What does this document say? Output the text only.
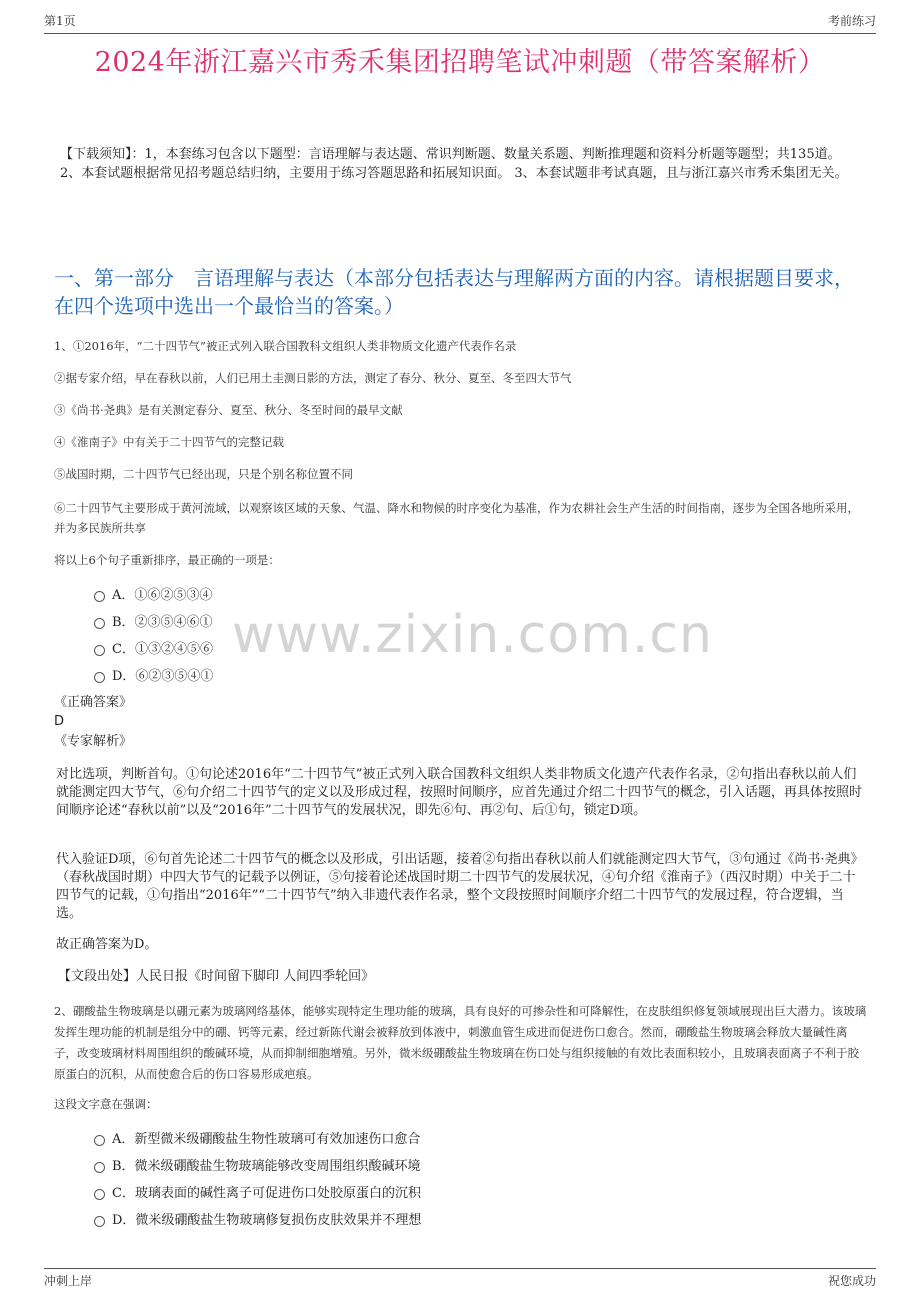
第1页	考前练习
2024年浙江嘉兴市秀禾集团招聘笔试冲刺题（带答案解析）
【下载须知】：1，本套练习包含以下题型：言语理解与表达题、常识判断题、数量关系题、判断推理题和资料分析题等题型；共135道。 2、本套试题根据常见招考题总结归纳，主要用于练习答题思路和拓展知识面。 3、本套试题非考试真题，且与浙江嘉兴市秀禾集团无关。
一、第一部分　言语理解与表达（本部分包括表达与理解两方面的内容。请根据题目要求，在四个选项中选出一个最恰当的答案。）
1、①2016年，“二十四节气”被正式列入联合国教科文组织人类非物质文化遗产代表作名录
②据专家介绍，早在春秋以前，人们已用土圭测日影的方法，测定了春分、秋分、夏至、冬至四大节气
③《尚书·尧典》是有关测定春分、夏至、秋分、冬至时间的最早文献
④《淮南子》中有关于二十四节气的完整记载
⑤战国时期，二十四节气已经出现，只是个别名称位置不同
⑥二十四节气主要形成于黄河流域，以观察该区域的天象、气温、降水和物候的时序变化为基准，作为农耕社会生产生活的时间指南，逐步为全国各地所采用，并为多民族所共享
将以上6个句子重新排序，最正确的一项是：
A．①⑥②⑤③④
B．②③⑤④⑥①
C．①③②④⑤⑥
D．⑥②③⑤④①
www.zixin.com.cn
《正确答案》
D
《专家解析》
对比选项，判断首句。①句论述2016年“二十四节气”被正式列入联合国教科文组织人类非物质文化遗产代表作名录，②句指出春秋以前人们就能测定四大节气，⑥句介绍二十四节气的定义以及形成过程，按照时间顺序，应首先通过介绍二十四节气的概念，引入话题，再具体按照时间顺序论述“春秋以前”以及“2016年”二十四节气的发展状况，即先⑥句、再②句、后①句，锁定D项。
代入验证D项，⑥句首先论述二十四节气的概念以及形成，引出话题，接着②句指出春秋以前人们就能测定四大节气，③句通过《尚书·尧典》（春秋战国时期）中四大节气的记载予以例证，⑤句接着论述战国时期二十四节气的发展状况，④句介绍《淮南子》（西汉时期）中关于二十四节气的记载，①句指出“2016年”“二十四节气”纳入非遗代表作名录，整个文段按照时间顺序介绍二十四节气的发展过程，符合逻辑，当选。
故正确答案为D。
【文段出处】人民日报《时间留下脚印 人间四季轮回》
2、硼酸盐生物玻璃是以硼元素为玻璃网络基体，能够实现特定生理功能的玻璃，具有良好的可掺杂性和可降解性，在皮肤组织修复领域展现出巨大潜力。该玻璃发挥生理功能的机制是组分中的硼、钙等元素，经过新陈代谢会被释放到体液中，刺激血管生成进而促进伤口愈合。然而，硼酸盐生物玻璃会释放大量碱性离子，改变玻璃材料周围组织的酸碱环境，从而抑制细胞增殖。另外，微米级硼酸盐生物玻璃在伤口处与组织接触的有效比表面积较小，且玻璃表面离子不利于胶原蛋白的沉积，从而使愈合后的伤口容易形成疤痕。
这段文字意在强调：
A．新型微米级硼酸盐生物性玻璃可有效加速伤口愈合
B．微米级硼酸盐生物玻璃能够改变周围组织酸碱环境
C．玻璃表面的碱性离子可促进伤口处胶原蛋白的沉积
D．微米级硼酸盐生物玻璃修复损伤皮肤效果并不理想
冲刺上岸	祝您成功
